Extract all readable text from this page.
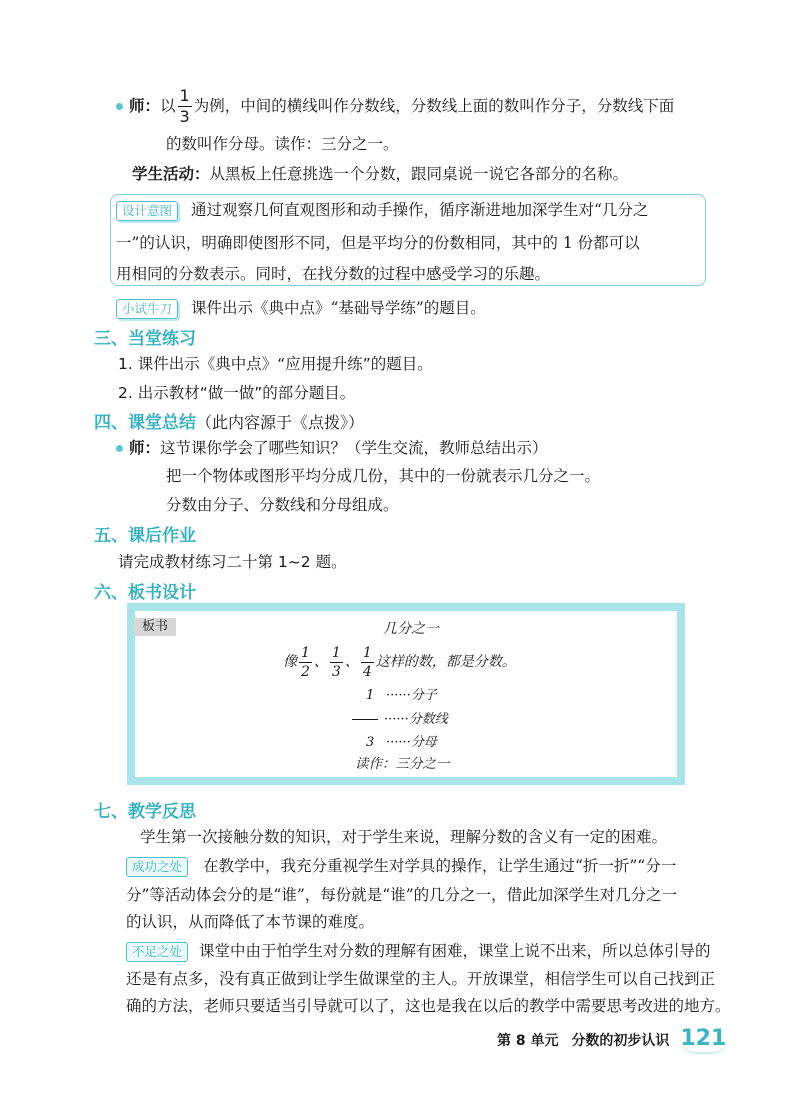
师：以 $\frac{1}{3}$ 为例，中间的横线叫作分数线，分数线上面的数叫作分子，分数线下面
的数叫作分母。读作：三分之一。
学生活动：从黑板上任意挑选一个分数，跟同桌说一说它各部分的名称。
设计意图 通过观察几何直观图形和动手操作，循序渐进地加深学生对“几分之
一”的认识，明确即使图形不同，但是平均分的份数相同，其中的 1 份都可以
用相同的分数表示。同时，在找分数的过程中感受学习的乐趣。
小试牛刀 课件出示《典中点》“基础导学练”的题目。
三、当堂练习
1. 课件出示《典中点》“应用提升练”的题目。
2. 出示教材“做一做”的部分题目。
四、课堂总结（此内容源于《点拨》）
师：这节课你学会了哪些知识？（学生交流，教师总结出示）
把一个物体或图形平均分成几份，其中的一份就表示几分之一。
分数由分子、分数线和分母组成。
五、课后作业
请完成教材练习二十第 1~2 题。
六、板书设计
板书	几分之一
像 $\frac{1}{2}$ 、 $\frac{1}{3}$ 、 $\frac{1}{4}$ 这样的数，都是分数。
1 ······分子
······分数线
3 ······分母
读作：三分之一
七、教学反思
学生第一次接触分数的知识，对于学生来说，理解分数的含义有一定的困难。
成功之处 在教学中，我充分重视学生对学具的操作，让学生通过“折一折”“分一
分”等活动体会分的是“谁”，每份就是“谁”的几分之一，借此加深学生对几分之一
的认识，从而降低了本节课的难度。
不足之处 课堂中由于怕学生对分数的理解有困难，课堂上说不出来，所以总体引导的
还是有点多，没有真正做到让学生做课堂的主人。开放课堂，相信学生可以自己找到正
确的方法，老师只要适当引导就可以了，这也是我在以后的教学中需要思考改进的地方。
第 8 单元 分数的初步认识 121
